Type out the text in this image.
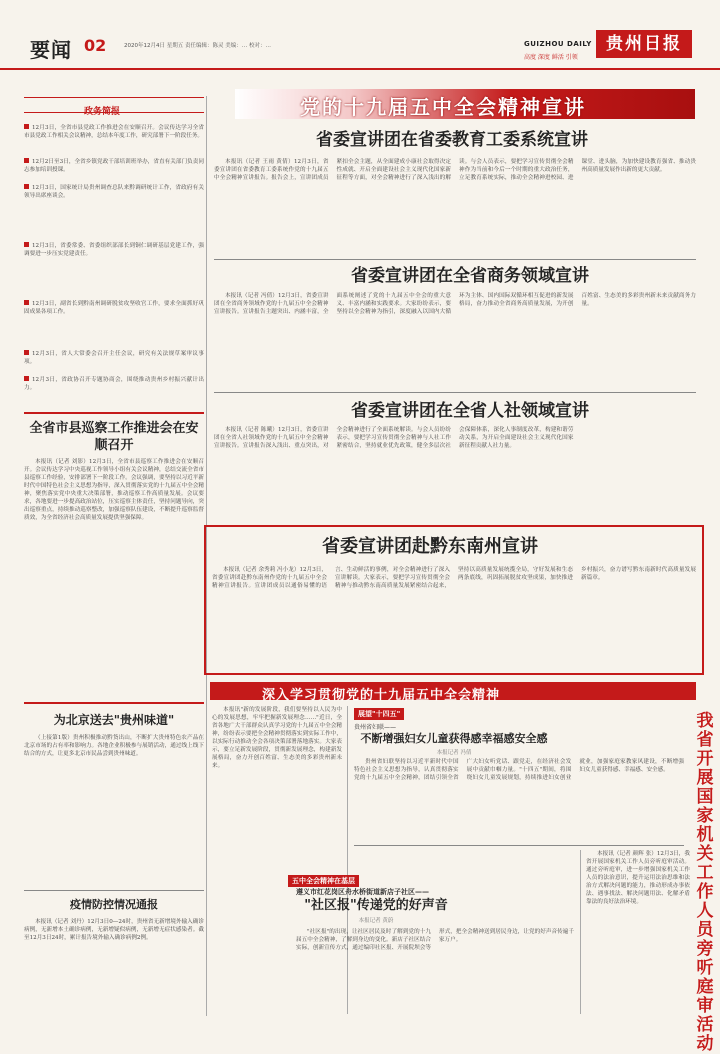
要闻 02	2020年12月4日 星期五 责任编辑：陈灵 美编：… 校对：…	GUIZHOU DAILY
高度 深度 鲜活 引领
贵州日报
党的十九届五中全会精神宣讲
政务简报
12月3日，全省市县党政工作推进会在安顺召开。会议传达学习全省市县党政工作相关会议精神，总结本年度工作，研究部署下一阶段任务。
12月2日至3日，全省乡镇党政干部培训班举办，省直有关部门负责同志参加培训授课。
12月3日，国家统计局贵州调查总队来黔调研统计工作，省政府有关领导出席座谈会。
12月3日，省委常委、省委组织部部长到铜仁调研基层党建工作，强调要进一步压实党建责任。
12月3日，副省长到黔南州调研脱贫攻坚收官工作，要求全面抓好巩固成果各项工作。
12月3日，省人大常委会召开主任会议，研究有关法规草案审议事项。
12月3日，省政协召开专题协商会，围绕推动贵州乡村振兴献计出力。
全省市县巡察工作推进会在安顺召开

本报讯（记者 刘影）12月3日，全省市县巡察工作推进会在安顺召开。会议传达学习中央巡视工作领导小组有关会议精神，总结交流全省市县巡察工作经验，安排部署下一阶段工作。会议强调，要坚持以习近平新时代中国特色社会主义思想为指导，深入贯彻落实党的十九届五中全会精神，聚焦落实党中央重大决策部署，推动巡察工作高质量发展。会议要求，各地要进一步提高政治站位，压实巡察主体责任，坚持问题导向，突出巡察重点，持续推动巡察整改，加强巡察队伍建设，不断提升巡察监督质效，为全省经济社会高质量发展提供坚强保障。

为北京送去"贵州味道"

（上接第1版）贵州积极推动黔货出山，不断扩大贵州特色农产品在北京市场的占有率和影响力。各地企业积极参与展销活动，通过线上线下结合的方式，让更多北京市民品尝到贵州味道。

疫情防控情况通报

本报讯（记者 刘丹）12月3日0—24时，贵州省无新增境外输入确诊病例，无新增本土确诊病例，无新增疑似病例，无新增无症状感染者。截至12月3日24时，累计报告境外输入确诊病例2例。

省委宣讲团在省委教育工委系统宣讲

本报讯（记者 王雨 黄倩）12月3日，省委宣讲团在省委教育工委系统作党的十九届五中全会精神宣讲报告。报告会上，宣讲团成员紧扣全会主题，从全面建成小康社会取得决定性成就、开启全面建设社会主义现代化国家新征程等方面，对全会精神进行了深入浅出的解读。与会人员表示，要把学习宣传贯彻全会精神作为当前和今后一个时期的重大政治任务，立足教育系统实际，推动全会精神进校园、进课堂、进头脑，为加快建设教育强省、推动贵州高质量发展作出新的更大贡献。

省委宣讲团在全省商务领域宣讲

本报讯（记者 冯倩）12月3日，省委宣讲团在全省商务领域作党的十九届五中全会精神宣讲报告。宣讲报告主题突出、内涵丰富，全面系统阐述了党的十九届五中全会的重大意义、丰富内涵和实践要求。大家纷纷表示，要坚持以全会精神为指引，深度融入以国内大循环为主体、国内国际双循环相互促进的新发展格局，奋力推动全省商务高质量发展，为开创百姓富、生态美的多彩贵州新未来贡献商务力量。

省委宣讲团在全省人社领域宣讲

本报讯（记者 陈曦）12月3日，省委宣讲团在全省人社领域作党的十九届五中全会精神宣讲报告。宣讲报告深入浅出、重点突出，对全会精神进行了全面系统解读。与会人员纷纷表示，要把学习宣传贯彻全会精神与人社工作紧密结合，坚持就业优先政策，健全多层次社会保障体系，深化人事制度改革，构建和谐劳动关系，为开启全面建设社会主义现代化国家新征程贡献人社力量。

省委宣讲团赴黔东南州宣讲

本报讯（记者 余秀莉 冯小龙）12月3日，省委宣讲团赴黔东南州作党的十九届五中全会精神宣讲报告。宣讲团成员以通俗易懂的语言、生动鲜活的事例，对全会精神进行了深入宣讲解读。大家表示，要把学习宣传贯彻全会精神与推动黔东南高质量发展紧密结合起来，坚持以高质量发展统揽全局，守好发展和生态两条底线，巩固拓展脱贫攻坚成果，加快推进乡村振兴，奋力谱写黔东南新时代高质量发展新篇章。

深入学习贯彻党的十九届五中全会精神

本报讯"新的发展阶段，我们要坚持以人民为中心的发展思想，牢牢把握新发展理念……"近日，全省各地广大干部群众认真学习党的十九届五中全会精神，纷纷表示要把全会精神贯彻落实到实际工作中，以实际行动推动全会各项决策部署落地落实。大家表示，要立足新发展阶段，贯彻新发展理念，构建新发展格局，奋力开创百姓富、生态美的多彩贵州新未来。

展望"十四五"
贵州省妇联——
不断增强妇女儿童获得感幸福感安全感
本报记者 冯倩

贵州省妇联坚持以习近平新时代中国特色社会主义思想为指导，认真贯彻落实党的十九届五中全会精神，团结引领全省广大妇女听党话、跟党走，在经济社会发展中贡献巾帼力量。"十四五"期间，将围绕妇女儿童发展规划，持续推进妇女创业就业，加强家庭家教家风建设，不断增强妇女儿童获得感、幸福感、安全感。

五中全会精神在基层
遵义市红花岗区舟水桥街道新店子社区——
"社区报"传递党的好声音
本报记者 黄蔚

"社区报"的出现，让社区居民及时了解到党的十九届五中全会精神，了解到身边的变化。新店子社区结合实际，创新宣传方式，通过编印社区报、开展院坝会等形式，把全会精神送到居民身边，让党的好声音传遍千家万户。

本报讯（记者 颜辉 张）12月3日，我省开展国家机关工作人员旁听庭审活动。通过旁听庭审，进一步增强国家机关工作人员的法治意识，提升运用法治思维和法治方式解决问题的能力，推动形成办事依法、遇事找法、解决问题用法、化解矛盾靠法的良好法治环境。

我省开展国家机关工作人员旁听庭审活动
